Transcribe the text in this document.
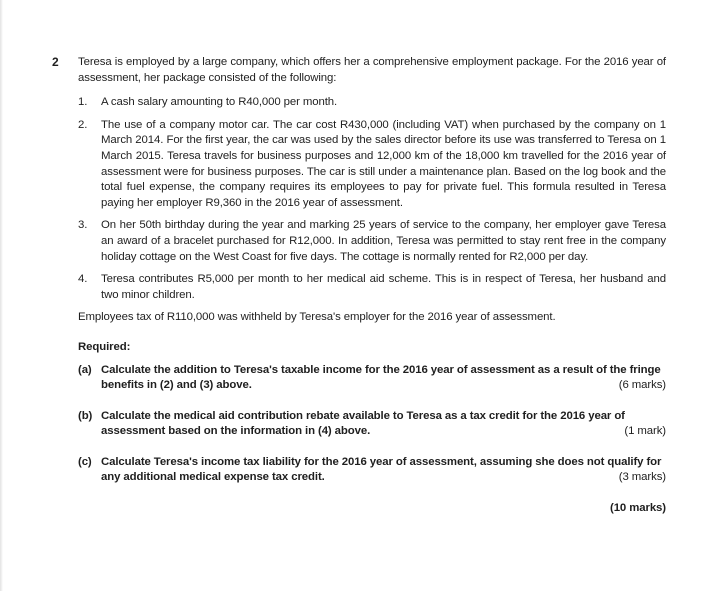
2 Teresa is employed by a large company, which offers her a comprehensive employment package. For the 2016 year of assessment, her package consisted of the following:

1. A cash salary amounting to R40,000 per month.
2. The use of a company motor car. The car cost R430,000 (including VAT) when purchased by the company on 1 March 2014. For the first year, the car was used by the sales director before its use was transferred to Teresa on 1 March 2015. Teresa travels for business purposes and 12,000 km of the 18,000 km travelled for the 2016 year of assessment were for business purposes. The car is still under a maintenance plan. Based on the log book and the total fuel expense, the company requires its employees to pay for private fuel. This formula resulted in Teresa paying her employer R9,360 in the 2016 year of assessment.
3. On her 50th birthday during the year and marking 25 years of service to the company, her employer gave Teresa an award of a bracelet purchased for R12,000. In addition, Teresa was permitted to stay rent free in the company holiday cottage on the West Coast for five days. The cottage is normally rented for R2,000 per day.
4. Teresa contributes R5,000 per month to her medical aid scheme. This is in respect of Teresa, her husband and two minor children.

Employees tax of R110,000 was withheld by Teresa's employer for the 2016 year of assessment.

Required:
(a) Calculate the addition to Teresa's taxable income for the 2016 year of assessment as a result of the fringe
benefits in (2) and (3) above.	(6 marks)
(b) Calculate the medical aid contribution rebate available to Teresa as a tax credit for the 2016 year of
assessment based on the information in (4) above.	(1 mark)
(c) Calculate Teresa's income tax liability for the 2016 year of assessment, assuming she does not qualify for
any additional medical expense tax credit.	(3 marks)
(10 marks)
